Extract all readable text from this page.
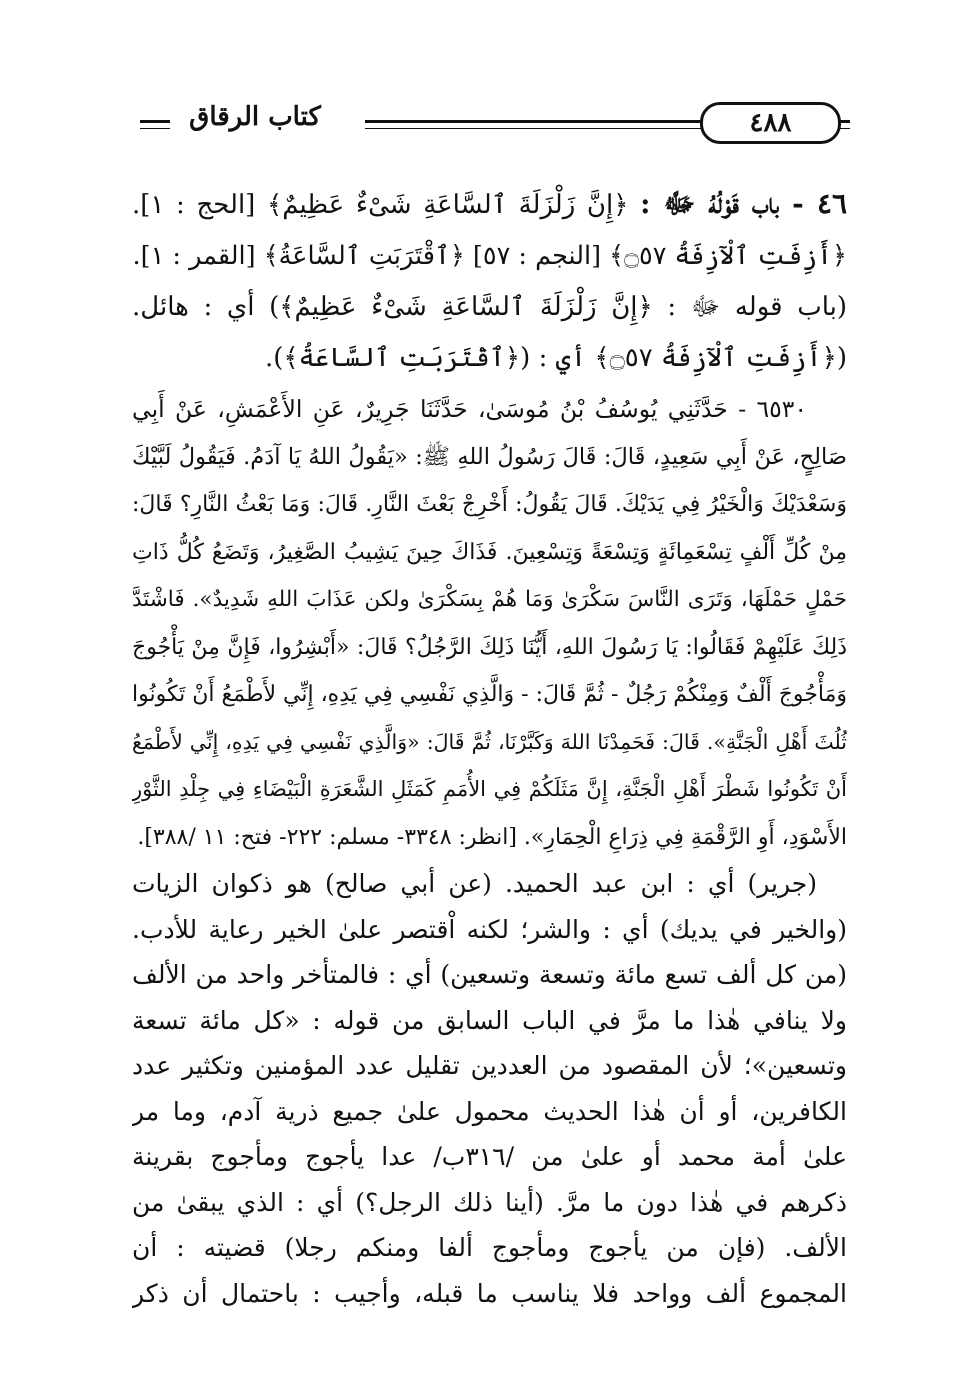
كتاب الرقاق	٤٨٨
٤٦ - باب قَوْلُهُ ﷻ : ﴿إِنَّ زَلْزَلَةَ ٱلسَّاعَةِ شَىْءٌ عَظِيمٌ﴾ [الحج : ١].
﴿أَزِفَتِ ٱلْآزِفَةُ ۝٥٧﴾ [النجم : ٥٧] ﴿ٱقْتَرَبَتِ ٱلسَّاعَةُ﴾ [القمر : ١].
(باب قوله ﷻ : ﴿إِنَّ زَلْزَلَةَ ٱلسَّاعَةِ شَىْءٌ عَظِيمٌ﴾) أي : هائل.
(﴿أَزِفَتِ ٱلْآزِفَةُ ۝٥٧﴾ أي : (﴿ٱقْتَرَبَتِ ٱلسَّاعَةُ﴾).
٦٥٣٠ - حَدَّثَنِي يُوسُفُ بْنُ مُوسَىٰ، حَدَّثَنَا جَرِيرٌ، عَنِ الأَعْمَشِ، عَنْ أَبِي
صَالِحٍ، عَنْ أَبِي سَعِيدٍ، قَالَ: قَالَ رَسُولُ اللهِ ﷺ: «يَقُولُ اللهُ يَا آدَمُ. فَيَقُولُ لَبَّيْكَ
وَسَعْدَيْكَ وَالْخَيْرُ فِي يَدَيْكَ. قَالَ يَقُولُ: أَخْرِجْ بَعْثَ النَّارِ. قَالَ: وَمَا بَعْثُ النَّارِ؟ قَالَ:
مِنْ كُلِّ أَلْفٍ تِسْعَمِائَةٍ وَتِسْعَةً وَتِسْعِينَ. فَذَاكَ حِينَ يَشِيبُ الصَّغِيرُ، وَتَضَعُ كُلُّ ذَاتِ
حَمْلٍ حَمْلَهَا، وَتَرَى النَّاسَ سَكْرَىٰ وَمَا هُمْ بِسَكْرَىٰ ولكن عَذَابَ اللهِ شَدِيدٌ». فَاشْتَدَّ
ذَلِكَ عَلَيْهِمْ فَقَالُوا: يَا رَسُولَ اللهِ، أَيُّنَا ذَلِكَ الرَّجُلُ؟ قَالَ: «أَبْشِرُوا، فَإِنَّ مِنْ يَأْجُوجَ
وَمَأْجُوجَ أَلْفٌ وَمِنْكُمْ رَجُلٌ - ثُمَّ قَالَ: - وَالَّذِي نَفْسِي فِي يَدِهِ، إِنِّي لأَطْمَعُ أَنْ تَكُونُوا
ثُلُثَ أَهْلِ الْجَنَّةِ». قَالَ: فَحَمِدْنَا اللهَ وَكَبَّرْنَا، ثُمَّ قَالَ: «وَالَّذِي نَفْسِي فِي يَدِهِ، إِنِّي لأَطْمَعُ
أَنْ تَكُونُوا شَطْرَ أَهْلِ الْجَنَّةِ، إِنَّ مَثَلَكُمْ فِي الأُمَمِ كَمَثَلِ الشَّعَرَةِ الْبَيْضَاءِ فِي جِلْدِ الثَّوْرِ
الأَسْوَدِ، أَوِ الرَّقْمَةِ فِي ذِرَاعِ الْحِمَارِ». [انظر: ٣٣٤٨- مسلم: ٢٢٢- فتح: ١١ /٣٨٨].
(جرير) أي : ابن عبد الحميد. (عن أبي صالح) هو ذكوان الزيات
(والخير في يديك) أي : والشر؛ لكنه اْقتصر علىٰ الخير رعاية للأدب.
(من كل ألف تسع مائة وتسعة وتسعين) أي : فالمتأخر واحد من الألف
ولا ينافي هٰذا ما مرَّ في الباب السابق من قوله : «كل مائة تسعة
وتسعين»؛ لأن المقصود من العددين تقليل عدد المؤمنين وتكثير عدد
الكافرين، أو أن هٰذا الحديث محمول علىٰ جميع ذرية آدم، وما مر
علىٰ أمة محمد أو علىٰ من /٣١٦ب/ عدا يأجوج ومأجوج بقرينة
ذكرهم في هٰذا دون ما مرَّ. (أينا ذلك الرجل؟) أي : الذي يبقىٰ من
الألف. (فإن من يأجوج ومأجوج ألفا ومنكم رجلا) قضيته : أن
المجموع ألف وواحد فلا يناسب ما قبله، وأجيب : باحتمال أن ذكر
